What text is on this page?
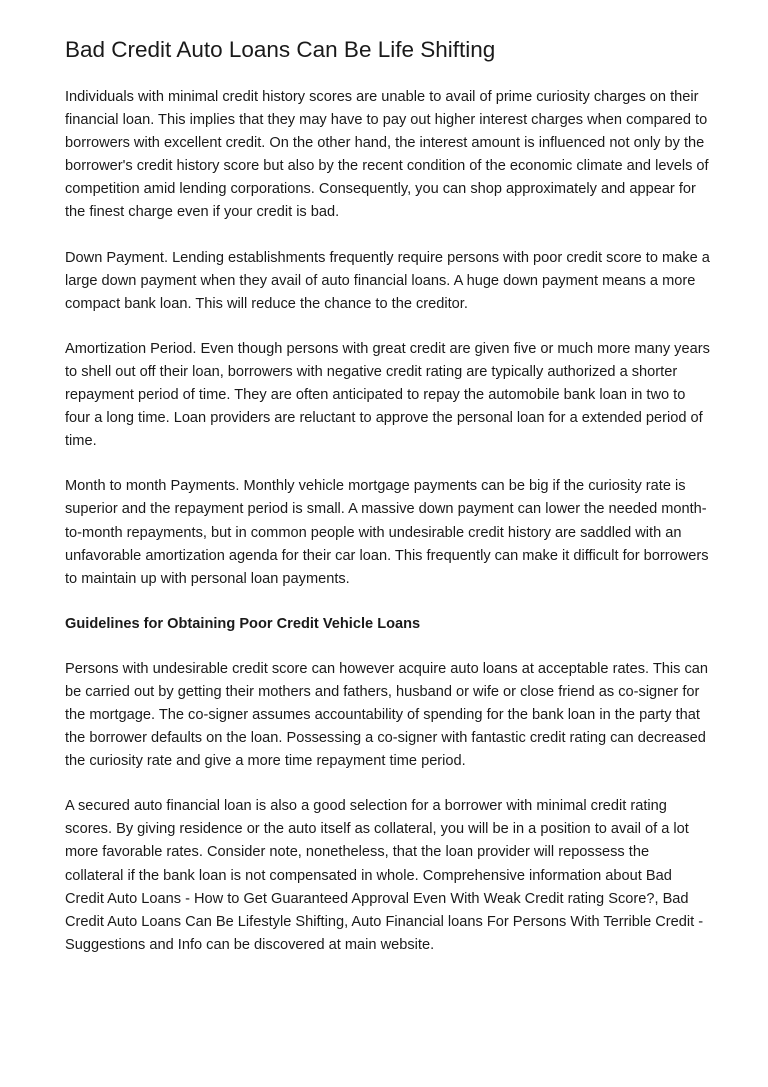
Bad Credit Auto Loans Can Be Life Shifting

Individuals with minimal credit history scores are unable to avail of prime curiosity charges on their financial loan. This implies that they may have to pay out higher interest charges when compared to borrowers with excellent credit. On the other hand, the interest amount is influenced not only by the borrower's credit history score but also by the recent condition of the economic climate and levels of competition amid lending corporations. Consequently, you can shop approximately and appear for the finest charge even if your credit is bad.

Down Payment. Lending establishments frequently require persons with poor credit score to make a large down payment when they avail of auto financial loans. A huge down payment means a more compact bank loan. This will reduce the chance to the creditor.

Amortization Period. Even though persons with great credit are given five or much more many years to shell out off their loan, borrowers with negative credit rating are typically authorized a shorter repayment period of time. They are often anticipated to repay the automobile bank loan in two to four a long time. Loan providers are reluctant to approve the personal loan for a extended period of time.

Month to month Payments. Monthly vehicle mortgage payments can be big if the curiosity rate is superior and the repayment period is small. A massive down payment can lower the needed month-to-month repayments, but in common people with undesirable credit history are saddled with an unfavorable amortization agenda for their car loan. This frequently can make it difficult for borrowers to maintain up with personal loan payments.

Guidelines for Obtaining Poor Credit Vehicle Loans

Persons with undesirable credit score can however acquire auto loans at acceptable rates. This can be carried out by getting their mothers and fathers, husband or wife or close friend as co-signer for the mortgage. The co-signer assumes accountability of spending for the bank loan in the party that the borrower defaults on the loan. Possessing a co-signer with fantastic credit rating can decreased the curiosity rate and give a more time repayment time period.

A secured auto financial loan is also a good selection for a borrower with minimal credit rating scores. By giving residence or the auto itself as collateral, you will be in a position to avail of a lot more favorable rates. Consider note, nonetheless, that the loan provider will repossess the collateral if the bank loan is not compensated in whole. Comprehensive information about Bad Credit Auto Loans - How to Get Guaranteed Approval Even With Weak Credit rating Score?, Bad Credit Auto Loans Can Be Lifestyle Shifting, Auto Financial loans For Persons With Terrible Credit - Suggestions and Info can be discovered at main website.
